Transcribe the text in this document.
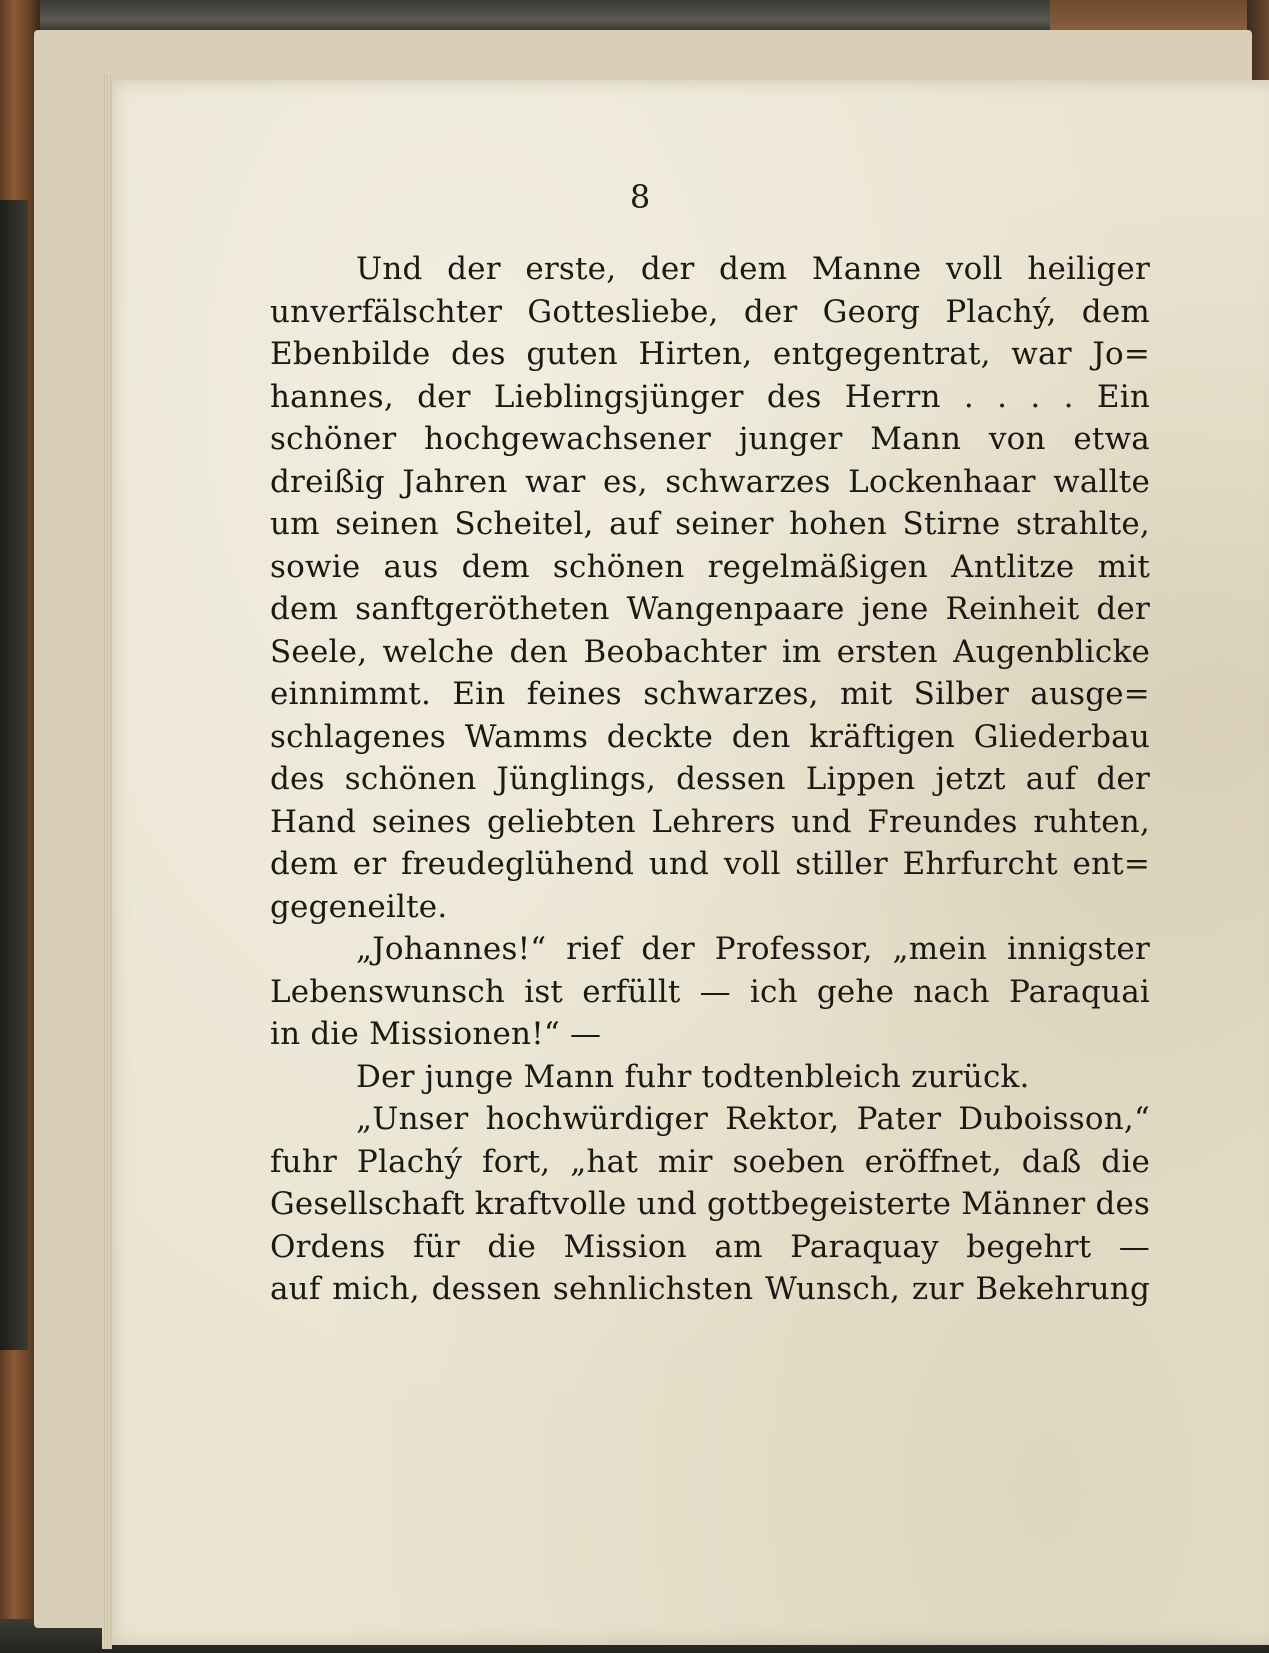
8
Und der erste, der dem Manne voll heiliger
unverfälschter Gottesliebe, der Georg Plachý, dem
Ebenbilde des guten Hirten, entgegentrat, war Jo=
hannes, der Lieblingsjünger des Herrn . . . . Ein
schöner hochgewachsener junger Mann von etwa
dreißig Jahren war es, schwarzes Lockenhaar wallte
um seinen Scheitel, auf seiner hohen Stirne strahlte,
sowie aus dem schönen regelmäßigen Antlitze mit
dem sanftgerötheten Wangenpaare jene Reinheit der
Seele, welche den Beobachter im ersten Augenblicke
einnimmt. Ein feines schwarzes, mit Silber ausge=
schlagenes Wamms deckte den kräftigen Gliederbau
des schönen Jünglings, dessen Lippen jetzt auf der
Hand seines geliebten Lehrers und Freundes ruhten,
dem er freudeglühend und voll stiller Ehrfurcht ent=
gegeneilte.
„Johannes!“ rief der Professor, „mein innigster
Lebenswunsch ist erfüllt — ich gehe nach Paraquai
in die Missionen!“ —
Der junge Mann fuhr todtenbleich zurück.
„Unser hochwürdiger Rektor, Pater Duboisson,“
fuhr Plachý fort, „hat mir soeben eröffnet, daß die
Gesellschaft kraftvolle und gottbegeisterte Männer des
Ordens für die Mission am Paraquay begehrt —
auf mich, dessen sehnlichsten Wunsch, zur Bekehrung
